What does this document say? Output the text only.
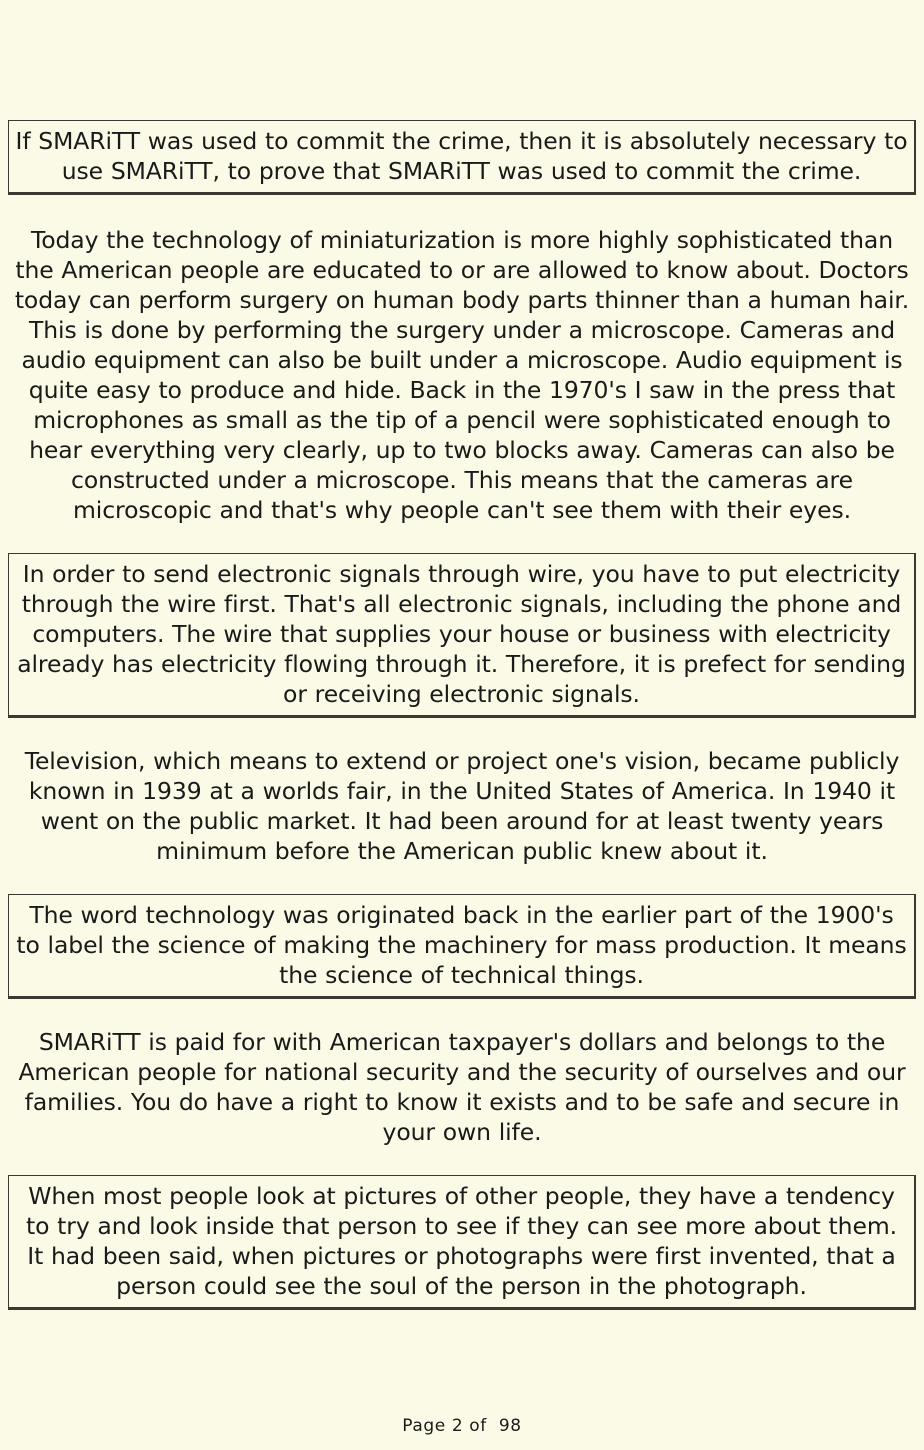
If SMARiTT was used to commit the crime, then it is absolutely necessary to use SMARiTT, to prove that SMARiTT was used to commit the crime.
Today the technology of miniaturization is more highly sophisticated than the American people are educated to or are allowed to know about. Doctors today can perform surgery on human body parts thinner than a human hair. This is done by performing the surgery under a microscope. Cameras and audio equipment can also be built under a microscope. Audio equipment is quite easy to produce and hide. Back in the 1970's I saw in the press that microphones as small as the tip of a pencil were sophisticated enough to hear everything very clearly, up to two blocks away. Cameras can also be constructed under a microscope. This means that the cameras are microscopic and that's why people can't see them with their eyes.
In order to send electronic signals through wire, you have to put electricity through the wire first. That's all electronic signals, including the phone and computers. The wire that supplies your house or business with electricity already has electricity flowing through it. Therefore, it is prefect for sending or receiving electronic signals.
Television, which means to extend or project one's vision, became publicly known in 1939 at a worlds fair, in the United States of America. In 1940 it went on the public market. It had been around for at least twenty years minimum before the American public knew about it.
The word technology was originated back in the earlier part of the 1900's to label the science of making the machinery for mass production. It means the science of technical things.
SMARiTT is paid for with American taxpayer's dollars and belongs to the American people for national security and the security of ourselves and our families. You do have a right to know it exists and to be safe and secure in your own life.
When most people look at pictures of other people, they have a tendency to try and look inside that person to see if they can see more about them. It had been said, when pictures or photographs were first invented, that a person could see the soul of the person in the photograph.
Page 2 of 98
